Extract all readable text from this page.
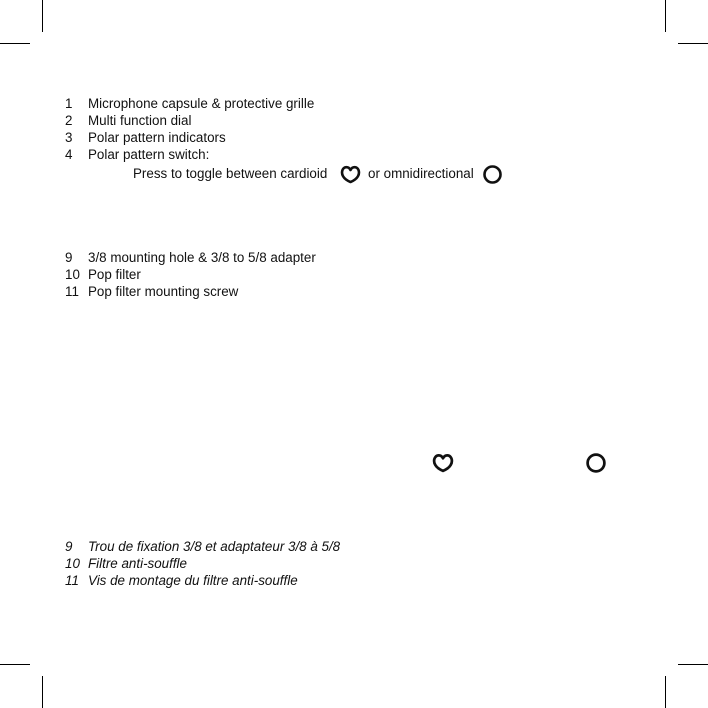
1 Microphone capsule & protective grille
2 Multi function dial
3 Polar pattern indicators
4 Polar pattern switch:
Press to toggle between cardioid	or omnidirectional
9 3/8 mounting hole & 3/8 to 5/8 adapter
10 Pop filter
11 Pop filter mounting screw
9 Trou de fixation 3/8 et adaptateur 3/8 à 5/8
10 Filtre anti-souffle
11 Vis de montage du filtre anti-souffle
